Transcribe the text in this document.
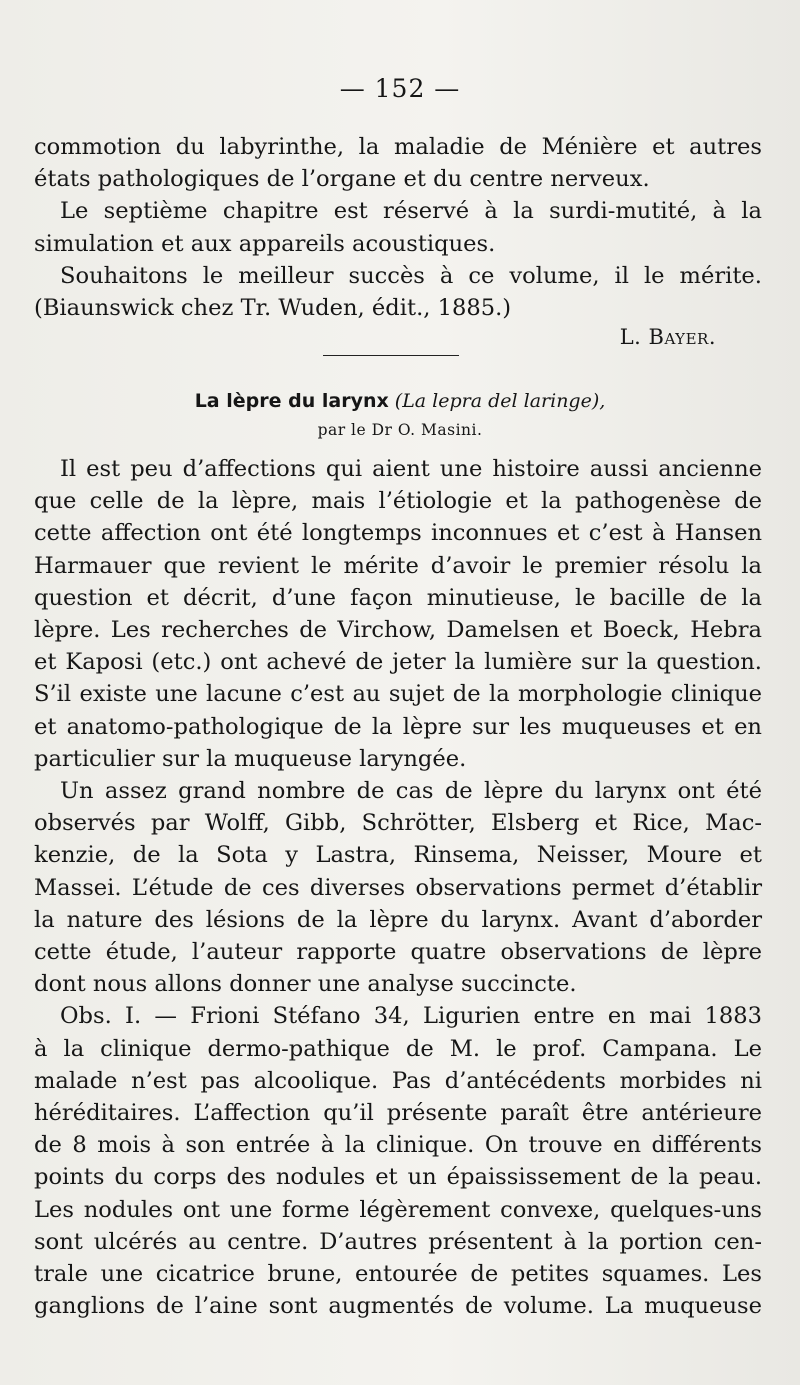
— 152 —

commotion du labyrinthe, la maladie de Ménière et autres

états pathologiques de l’organe et du centre nerveux.

Le septième chapitre est réservé à la surdi-mutité, à la

simulation et aux appareils acoustiques.

Souhaitons le meilleur succès à ce volume, il le mérite.

(Biaunswick chez Tr. Wuden, édit., 1885.)

L. Bayer.
La lèpre du larynx (La lepra del laringe),
par le Dr O. Masini.

Il est peu d’affections qui aient une histoire aussi ancienne

que celle de la lèpre, mais l’étiologie et la pathogenèse de

cette affection ont été longtemps inconnues et c’est à Hansen

Harmauer que revient le mérite d’avoir le premier résolu la

question et décrit, d’une façon minutieuse, le bacille de la

lèpre. Les recherches de Virchow, Damelsen et Boeck, Hebra

et Kaposi (etc.) ont achevé de jeter la lumière sur la question.

S’il existe une lacune c’est au sujet de la morphologie clinique

et anatomo-pathologique de la lèpre sur les muqueuses et en

particulier sur la muqueuse laryngée.

Un assez grand nombre de cas de lèpre du larynx ont été

observés par Wolff, Gibb, Schrötter, Elsberg et Rice, Mac-

kenzie, de la Sota y Lastra, Rinsema, Neisser, Moure et

Massei. L’étude de ces diverses observations permet d’établir

la nature des lésions de la lèpre du larynx. Avant d’aborder

cette étude, l’auteur rapporte quatre observations de lèpre

dont nous allons donner une analyse succincte.

Obs. I. — Frioni Stéfano 34, Ligurien entre en mai 1883

à la clinique dermo-pathique de M. le prof. Campana. Le

malade n’est pas alcoolique. Pas d’antécédents morbides ni

héréditaires. L’affection qu’il présente paraît être antérieure

de 8 mois à son entrée à la clinique. On trouve en différents

points du corps des nodules et un épaississement de la peau.

Les nodules ont une forme légèrement convexe, quelques-uns

sont ulcérés au centre. D’autres présentent à la portion cen-

trale une cicatrice brune, entourée de petites squames. Les

ganglions de l’aine sont augmentés de volume. La muqueuse
